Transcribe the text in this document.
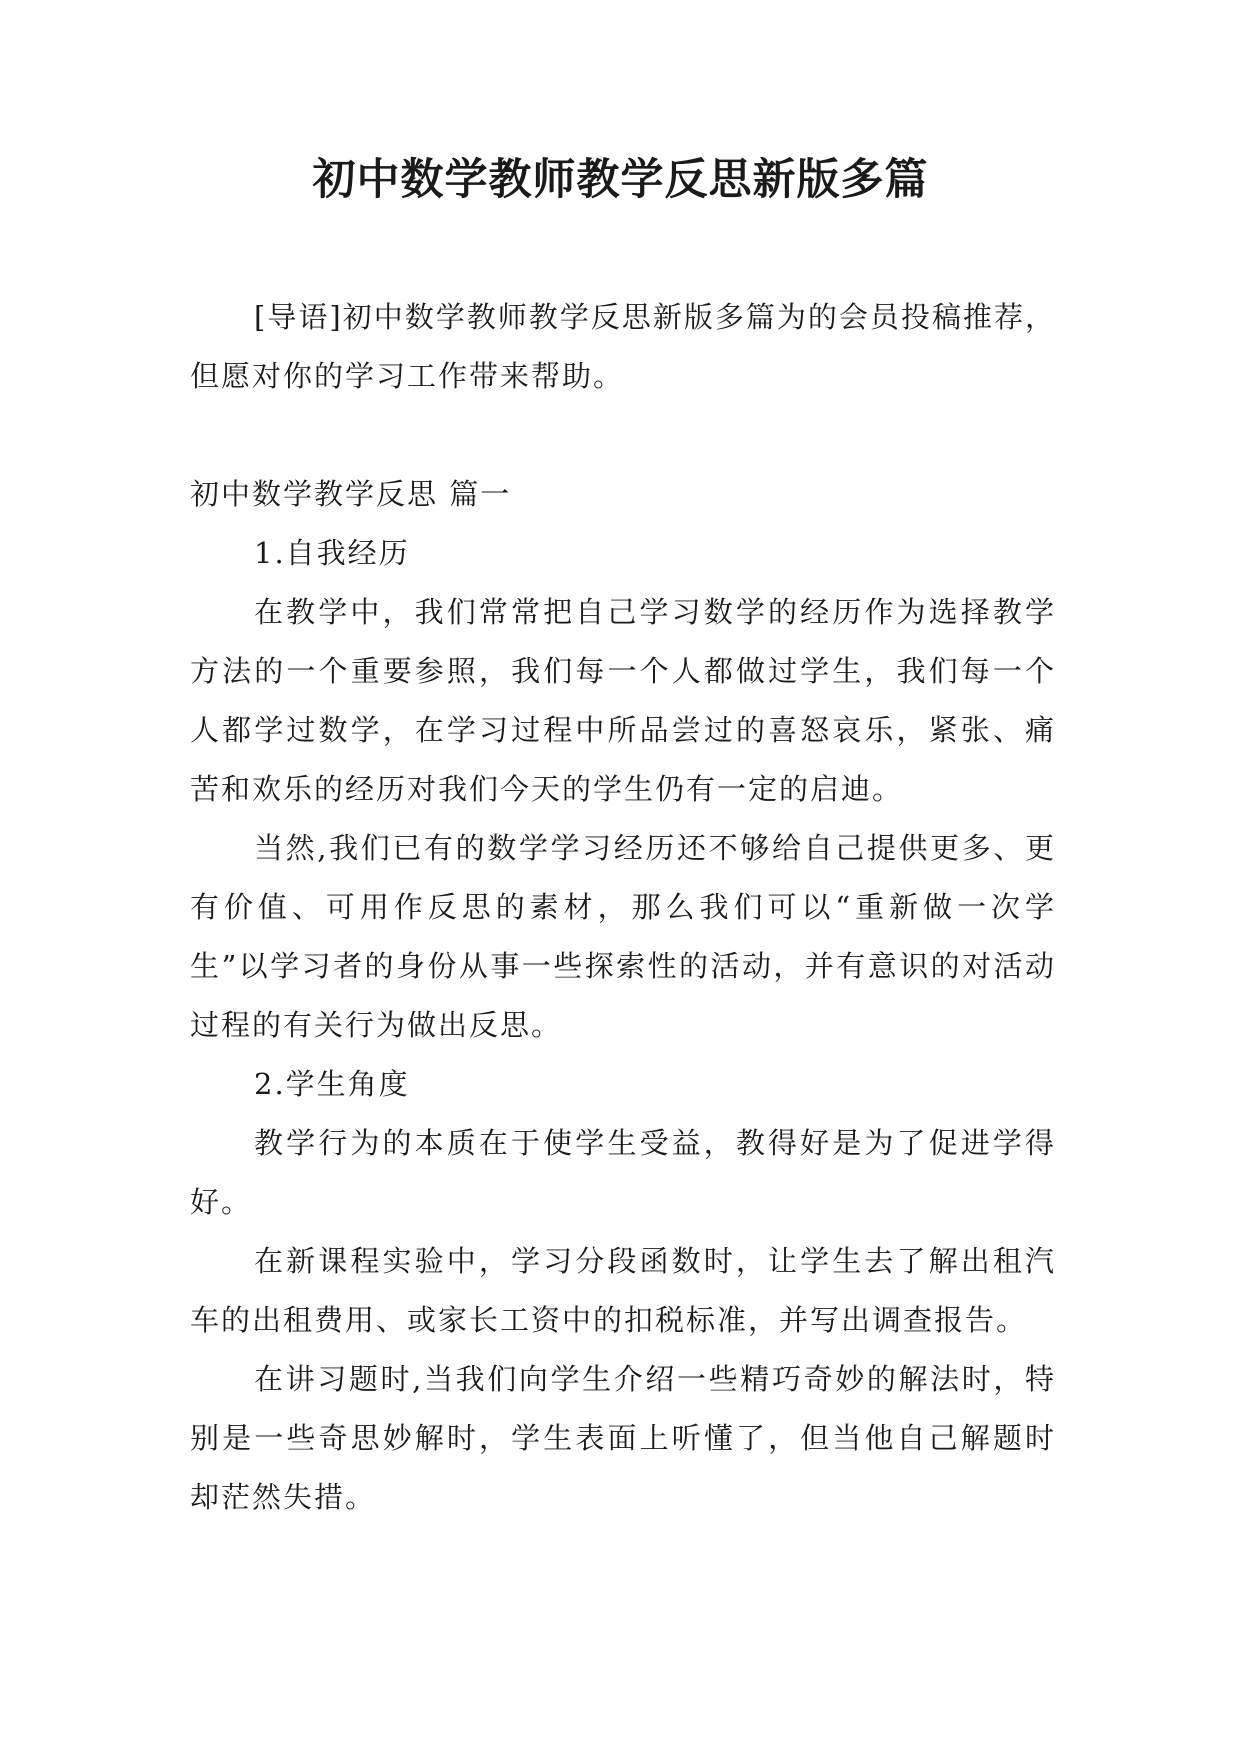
初中数学教师教学反思新版多篇

[导语]初中数学教师教学反思新版多篇为的会员投稿推荐，但愿对你的学习工作带来帮助。

初中数学教学反思 篇一

1.自我经历

在教学中，我们常常把自己学习数学的经历作为选择教学方法的一个重要参照，我们每一个人都做过学生，我们每一个人都学过数学，在学习过程中所品尝过的喜怒哀乐，紧张、痛苦和欢乐的经历对我们今天的学生仍有一定的启迪。

当然,我们已有的数学学习经历还不够给自己提供更多、更有价值、可用作反思的素材，那么我们可以“重新做一次学生”以学习者的身份从事一些探索性的活动，并有意识的对活动过程的有关行为做出反思。

2.学生角度

教学行为的本质在于使学生受益，教得好是为了促进学得好。

在新课程实验中，学习分段函数时，让学生去了解出租汽车的出租费用、或家长工资中的扣税标准，并写出调查报告。

在讲习题时,当我们向学生介绍一些精巧奇妙的解法时，特别是一些奇思妙解时，学生表面上听懂了，但当他自己解题时却茫然失措。
